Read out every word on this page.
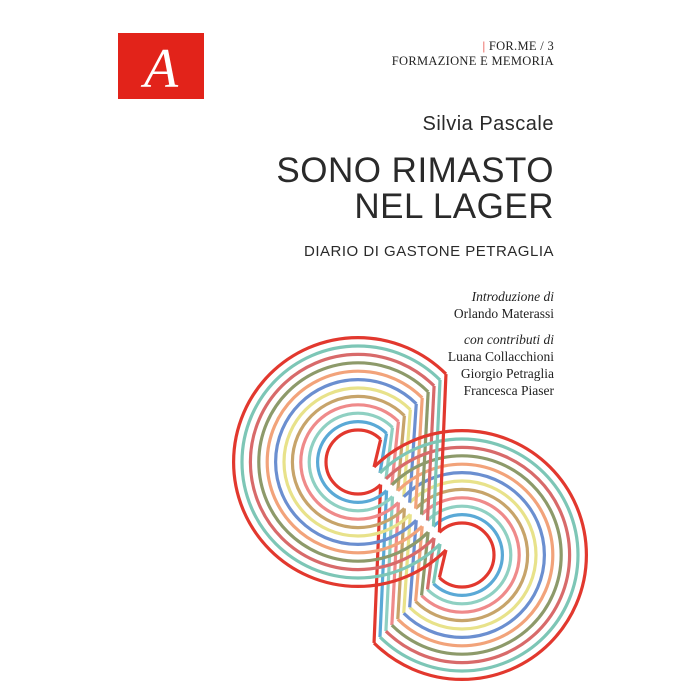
A	| FOR.ME / 3
FORMAZIONE E MEMORIA
Silvia Pascale
SONO RIMASTO
NEL LAGER
DIARIO DI GASTONE PETRAGLIA
Introduzione di
Orlando Materassi
con contributi di
Luana Collacchioni
Giorgio Petraglia
Francesca Piaser
